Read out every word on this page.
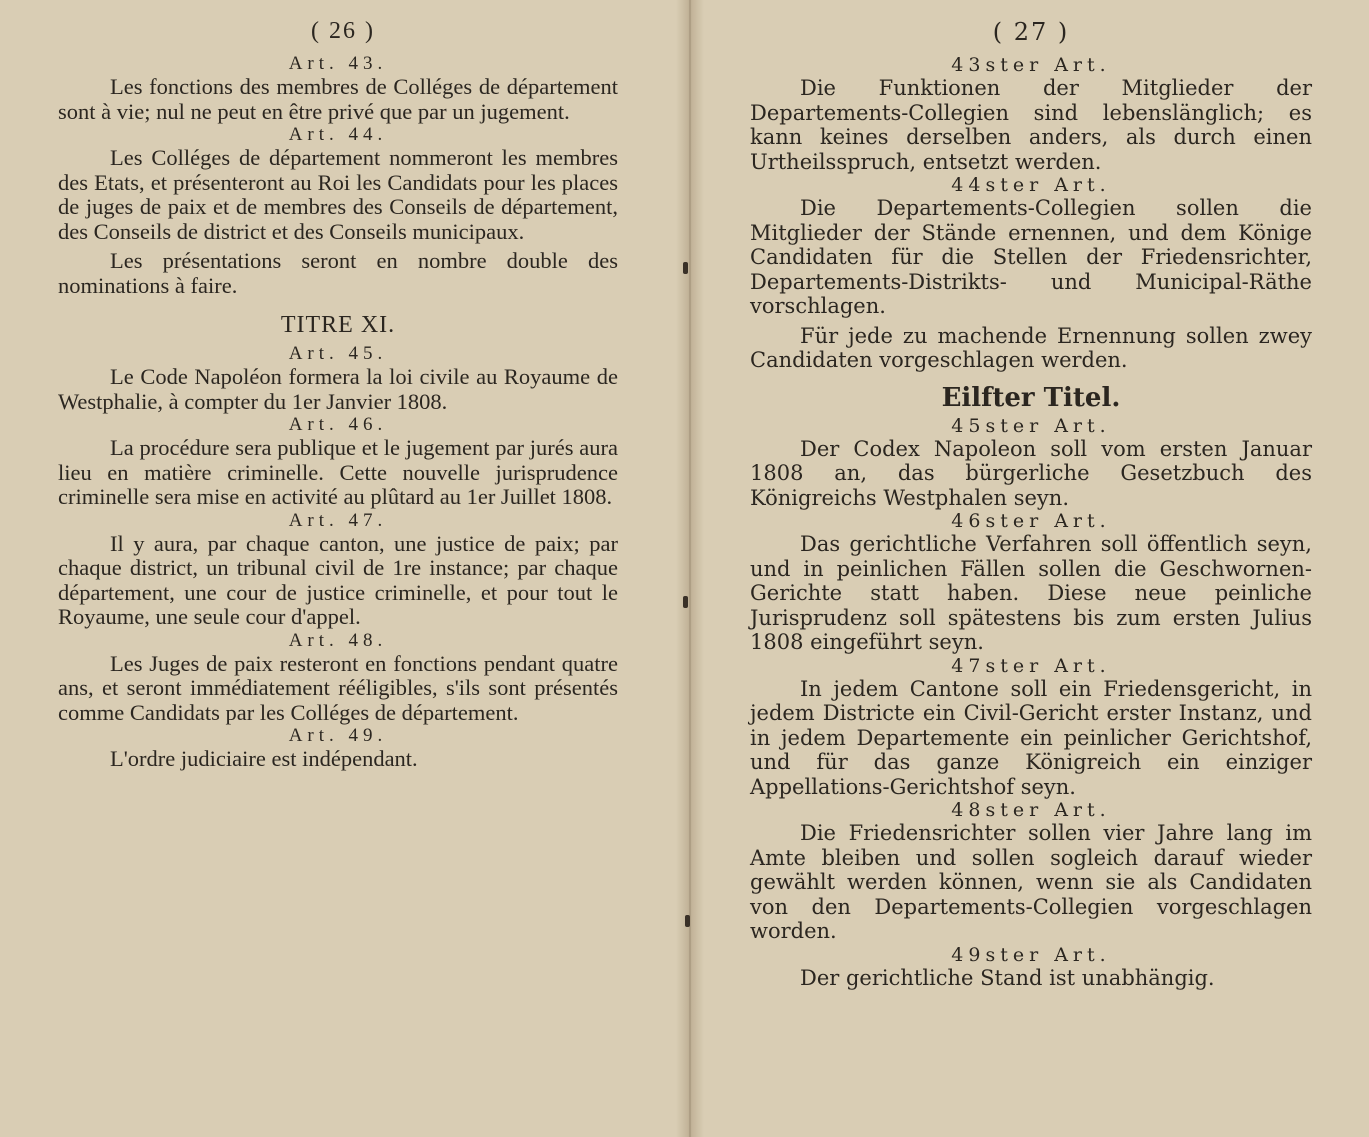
( 26 )

Art. 43.

Les fonctions des membres de Colléges de département sont à vie; nul ne peut en être privé que par un jugement.

Art. 44.

Les Colléges de département nommeront les membres des Etats, et présenteront au Roi les Candidats pour les places de juges de paix et de membres des Conseils de département, des Conseils de district et des Conseils municipaux.

Les présentations seront en nombre double des nominations à faire.

TITRE XI.

Art. 45.

Le Code Napoléon formera la loi civile au Royaume de Westphalie, à compter du 1er Janvier 1808.

Art. 46.

La procédure sera publique et le jugement par jurés aura lieu en matière criminelle. Cette nouvelle jurisprudence criminelle sera mise en activité au plûtard au 1er Juillet 1808.

Art. 47.

Il y aura, par chaque canton, une justice de paix; par chaque district, un tribunal civil de 1re instance; par chaque département, une cour de justice criminelle, et pour tout le Royaume, une seule cour d'appel.

Art. 48.

Les Juges de paix resteront en fonctions pendant quatre ans, et seront immédiatement rééligibles, s'ils sont présentés comme Candidats par les Colléges de département.

Art. 49.

L'ordre judiciaire est indépendant.

( 27 )

43ster Art.

Die Funktionen der Mitglieder der Departements-Collegien sind lebenslänglich; es kann keines derselben anders, als durch einen Urtheilsspruch, entsetzt werden.

44ster Art.

Die Departements-Collegien sollen die Mitglieder der Stände ernennen, und dem Könige Candidaten für die Stellen der Friedensrichter, Departements-Distrikts- und Municipal-Räthe vorschlagen.

Für jede zu machende Ernennung sollen zwey Candidaten vorgeschlagen werden.

Eilfter Titel.

45ster Art.

Der Codex Napoleon soll vom ersten Januar 1808 an, das bürgerliche Gesetzbuch des Königreichs Westphalen seyn.

46ster Art.

Das gerichtliche Verfahren soll öffentlich seyn, und in peinlichen Fällen sollen die Geschwornen-Gerichte statt haben. Diese neue peinliche Jurisprudenz soll spätestens bis zum ersten Julius 1808 eingeführt seyn.

47ster Art.

In jedem Cantone soll ein Friedensgericht, in jedem Districte ein Civil-Gericht erster Instanz, und in jedem Departemente ein peinlicher Gerichtshof, und für das ganze Königreich ein einziger Appellations-Gerichtshof seyn.

48ster Art.

Die Friedensrichter sollen vier Jahre lang im Amte bleiben und sollen sogleich darauf wieder gewählt werden können, wenn sie als Candidaten von den Departements-Collegien vorgeschlagen worden.

49ster Art.

Der gerichtliche Stand ist unabhängig.
